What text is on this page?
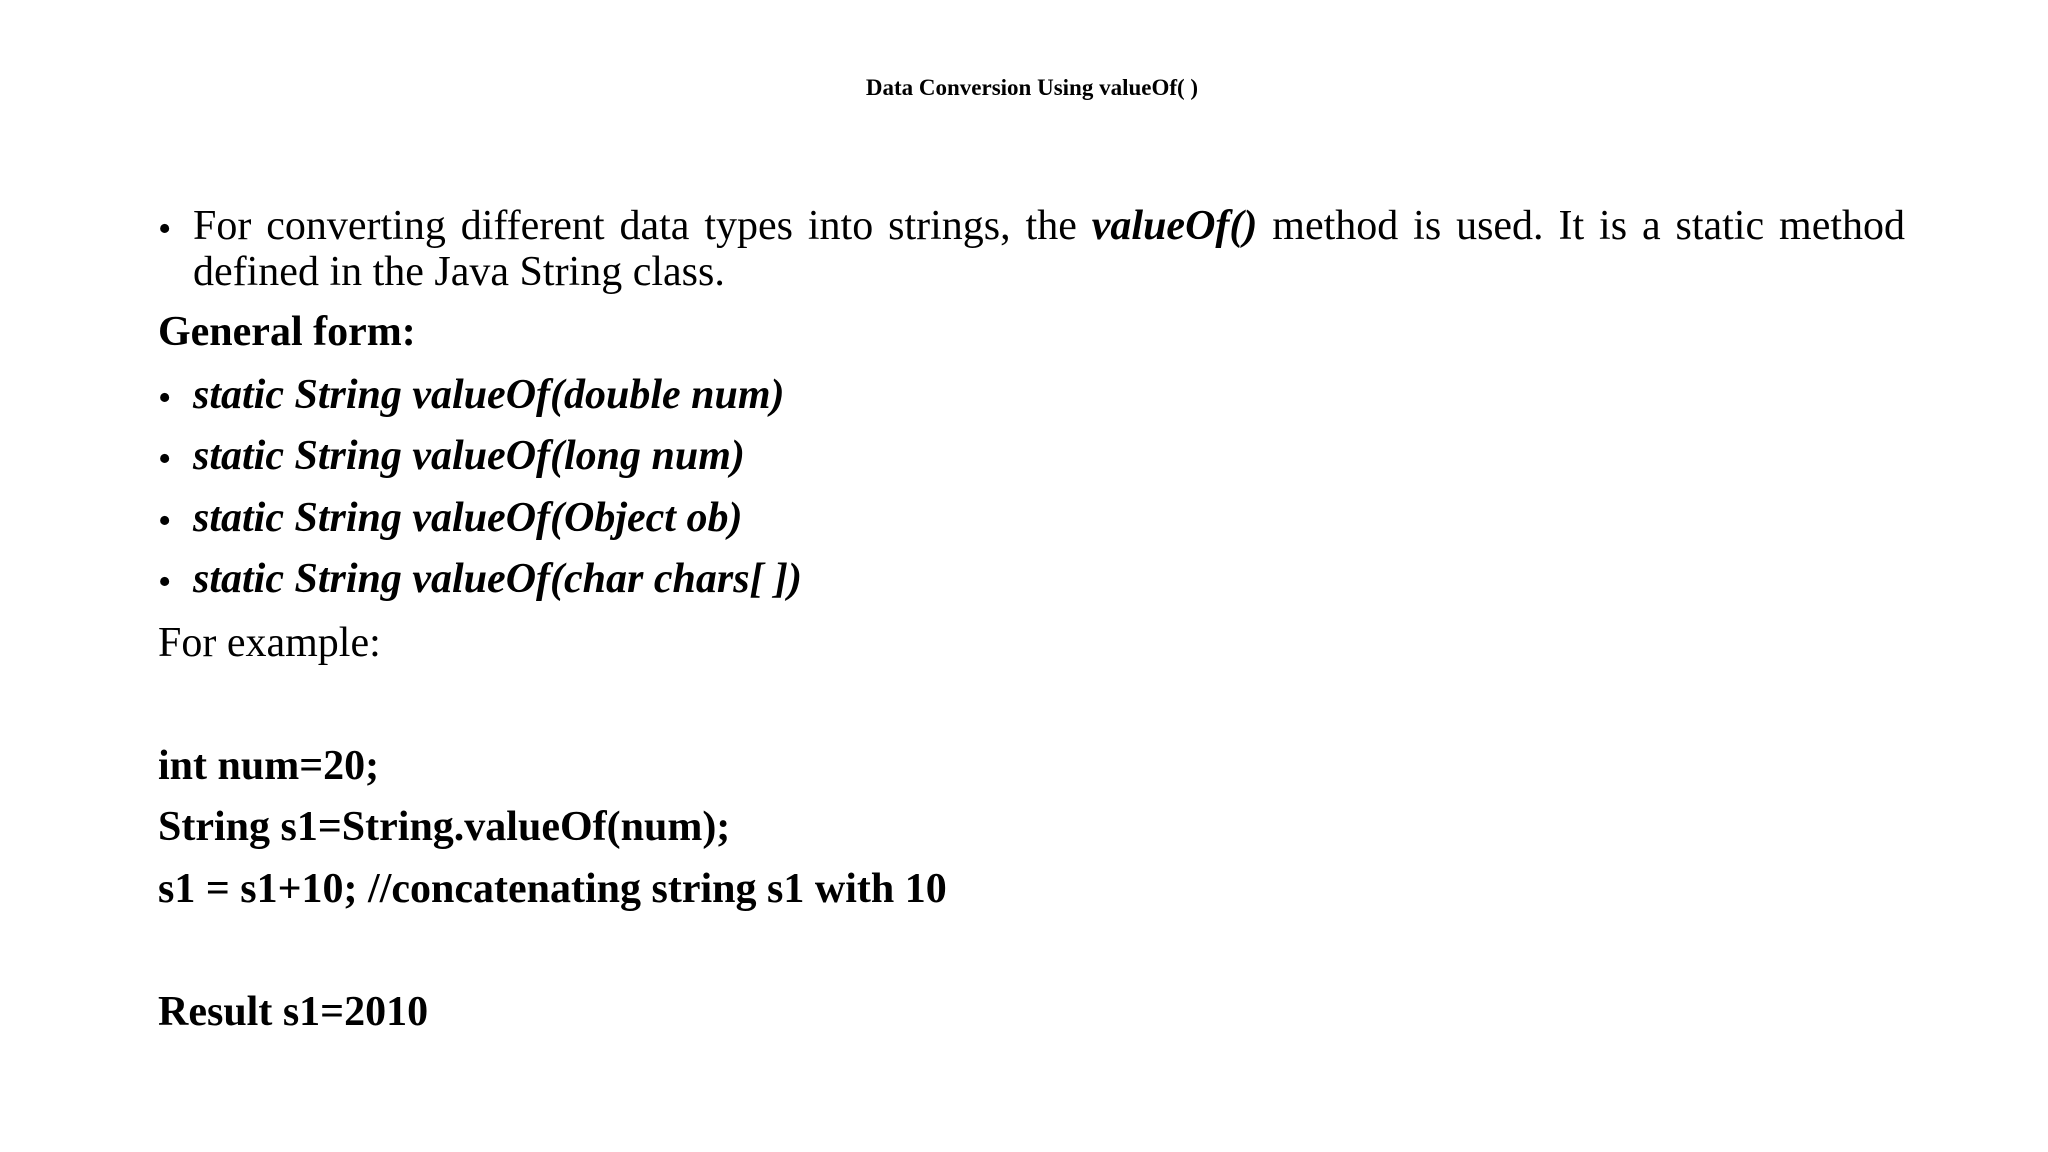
Data Conversion Using valueOf( )
• For converting different data types into strings, the valueOf() method is used. It is a static method
defined in the Java String class.
General form:
• static String valueOf(double num)
• static String valueOf(long num)
• static String valueOf(Object ob)
• static String valueOf(char chars[ ])
For example:
int num=20;
String s1=String.valueOf(num);
s1 = s1+10; //concatenating string s1 with 10
Result s1=2010
